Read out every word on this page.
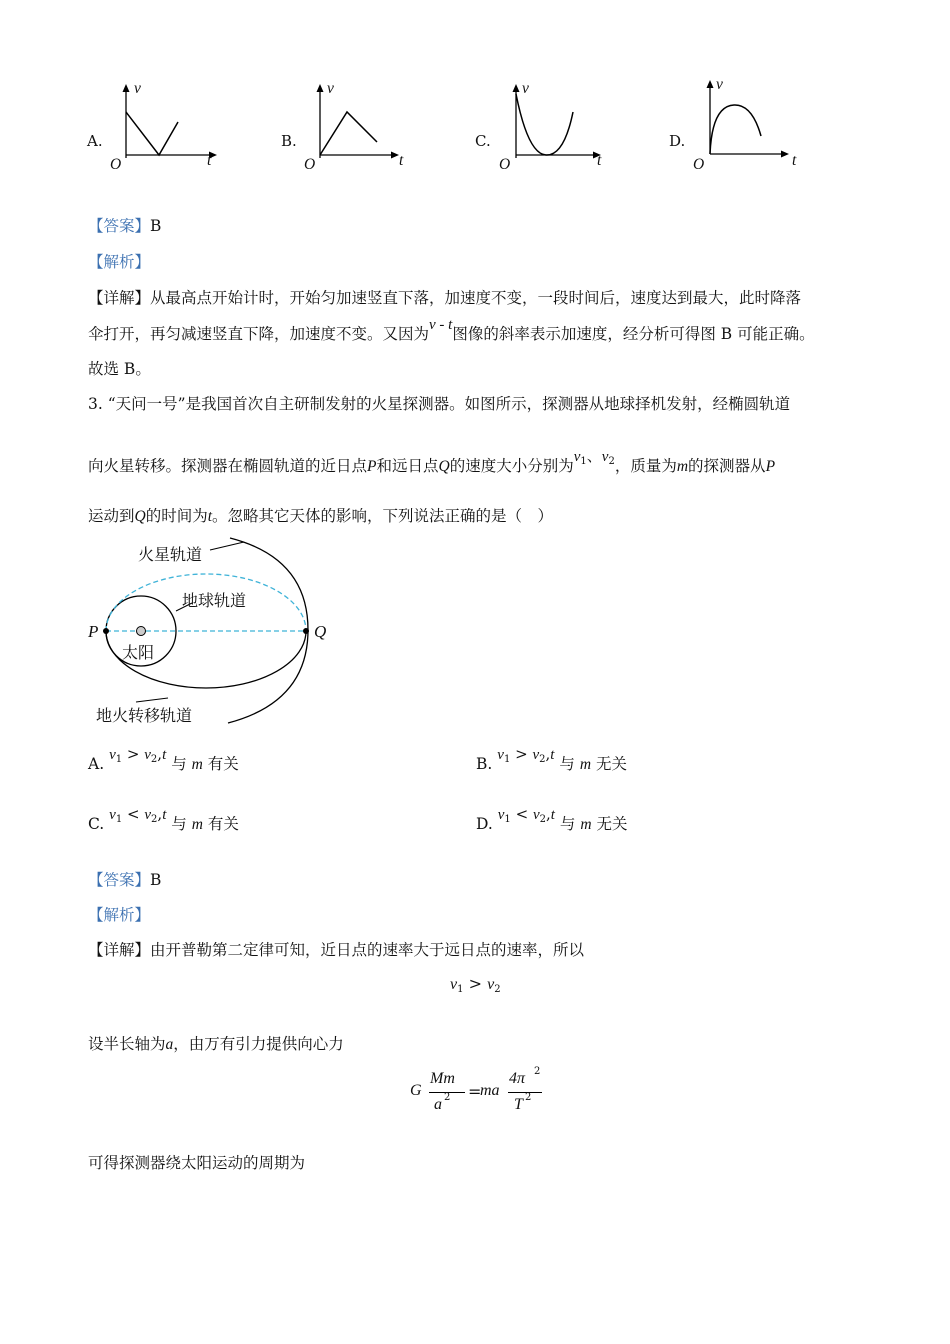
A.
v
t
O
B.
v
t
O
C.
v
t
O
D.
v
t
O
【答案】B
【解析】
【详解】从最高点开始计时，开始匀加速竖直下落，加速度不变，一段时间后，速度达到最大，此时降落
伞打开，再匀减速竖直下降，加速度不变。又因为v - t图像的斜率表示加速度，经分析可得图 B 可能正确。
故选 B。
3. “天问一号”是我国首次自主研制发射的火星探测器。如图所示，探测器从地球择机发射，经椭圆轨道
向火星转移。探测器在椭圆轨道的近日点P和远日点Q的速度大小分别为$v_1$、$v_2$，质量为m的探测器从P
运动到Q的时间为t。忽略其它天体的影响，下列说法正确的是（　）
火星轨道
地球轨道
太阳
地火转移轨道
P	Q
A. $v_1 > v_2,t$ 与 m 有关	B. $v_1 > v_2,t$ 与 m 无关
C. $v_1 < v_2,t$ 与 m 有关	D. $v_1 < v_2,t$ 与 m 无关
【答案】B
【解析】
【详解】由开普勒第二定律可知，近日点的速率大于远日点的速率，所以
$v_1 > v_2$
设半长轴为a，由万有引力提供向心力
G
Mm
a 2 =
ma
4π 2
T 2
可得探测器绕太阳运动的周期为
